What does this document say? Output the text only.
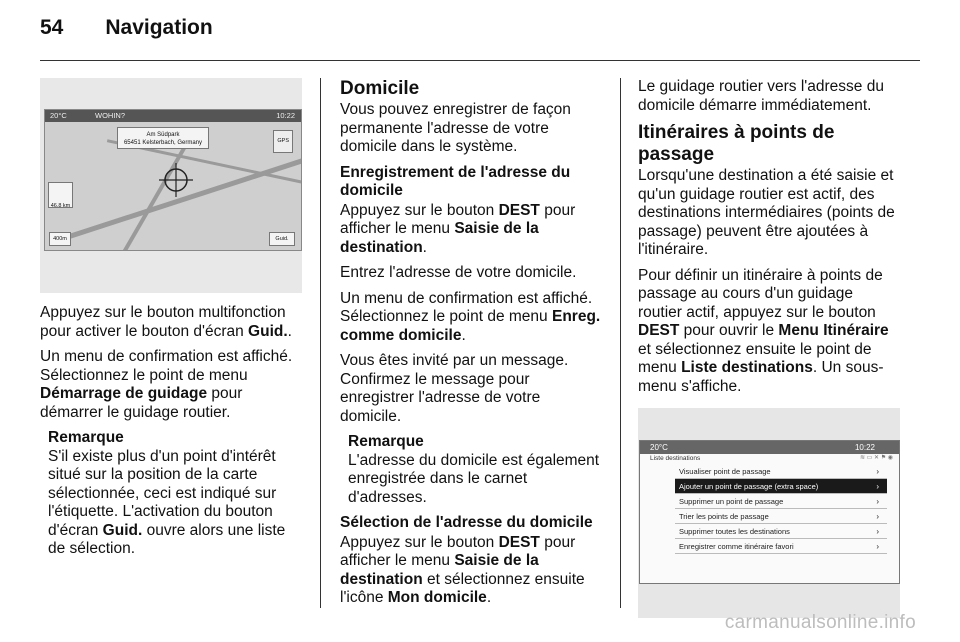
54 Navigation
20°C	WOHIN?	10:22
Am Südpark
65451 Kelsterbach, Germany	GPS
46.8 km
400m	Guid.

Appuyez sur le bouton multifonction pour activer le bouton d'écran Guid..

Un menu de confirmation est affiché. Sélectionnez le point de menu Démarrage de guidage pour démarrer le guidage routier.

Remarque
S'il existe plus d'un point d'intérêt situé sur la position de la carte sélectionnée, ceci est indiqué sur l'étiquette. L'activation du bouton d'écran Guid. ouvre alors une liste de sélection.
Domicile

Vous pouvez enregistrer de façon permanente l'adresse de votre domicile dans le système.

Enregistrement de l'adresse du domicile

Appuyez sur le bouton DEST pour afficher le menu Saisie de la destination.

Entrez l'adresse de votre domicile.

Un menu de confirmation est affiché. Sélectionnez le point de menu Enreg. comme domicile.

Vous êtes invité par un message. Confirmez le message pour enregistrer l'adresse de votre domicile.

Remarque
L'adresse du domicile est également enregistrée dans le carnet d'adresses.
Sélection de l'adresse du domicile

Appuyez sur le bouton DEST pour afficher le menu Saisie de la destination et sélectionnez ensuite l'icône Mon domicile.

Le guidage routier vers l'adresse du domicile démarre immédiatement.

Itinéraires à points de passage

Lorsqu'une destination a été saisie et qu'un guidage routier est actif, des destinations intermédiaires (points de passage) peuvent être ajoutées à l'itinéraire.

Pour définir un itinéraire à points de passage au cours d'un guidage routier actif, appuyez sur le bouton DEST pour ouvrir le Menu Itinéraire et sélectionnez ensuite le point de menu Liste destinations. Un sous-menu s'affiche.

20°C	10:22
Liste destinations	≋ ▭ ✕ ⚑ ◉
Visualiser point de passage	›
Ajouter un point de passage (extra space)	›
Supprimer un point de passage	›
Trier les points de passage	›
Supprimer toutes les destinations	›
Enregistrer comme itinéraire favori	›
carmanualsonline.info
